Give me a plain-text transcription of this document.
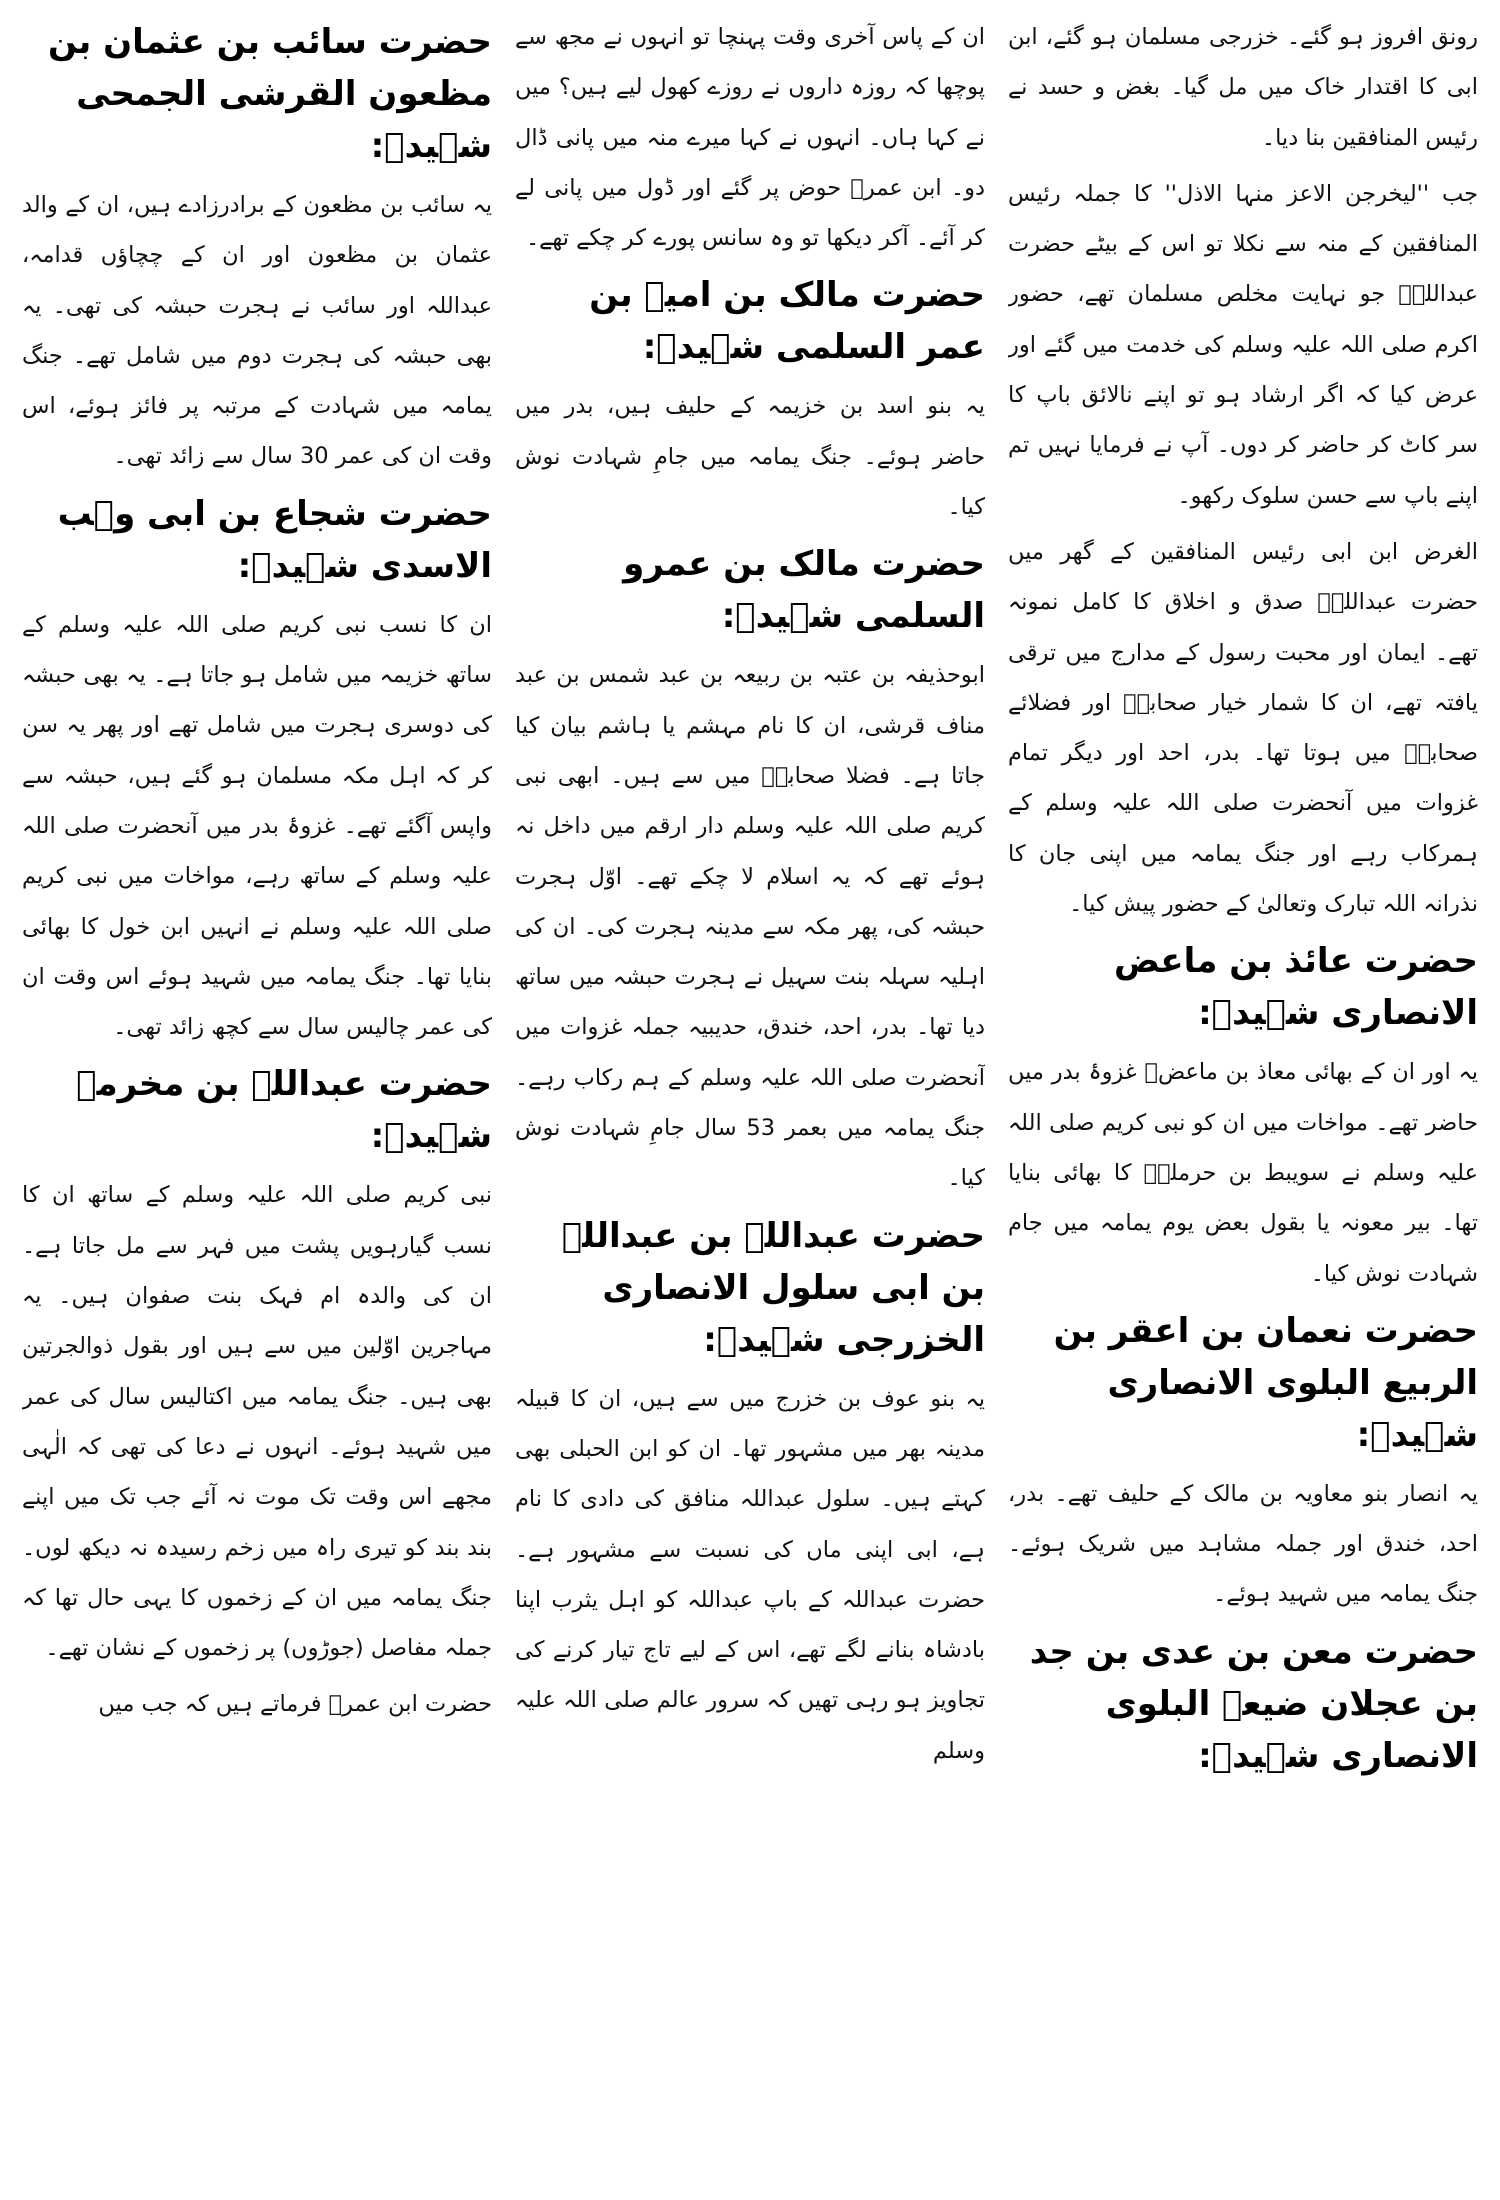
حضرت سائب بن عثمان بن مظعون القرشی الجمحی شہیدؓ:

یہ سائب بن مظعون کے برادرزادے ہیں، ان کے والد عثمان بن مظعون اور ان کے چچاؤں قدامہ، عبداللہ اور سائب نے ہجرت حبشہ کی تھی۔ یہ بھی حبشہ کی ہجرت دوم میں شامل تھے۔ جنگ یمامہ میں شہادت کے مرتبہ پر فائز ہوئے، اس وقت ان کی عمر 30 سال سے زائد تھی۔

حضرت شجاع بن ابی وہب الاسدی شہیدؓ:

ان کا نسب نبی کریم صلی اللہ علیہ وسلم کے ساتھ خزیمہ میں شامل ہو جاتا ہے۔ یہ بھی حبشہ کی دوسری ہجرت میں شامل تھے اور پھر یہ سن کر کہ اہل مکہ مسلمان ہو گئے ہیں، حبشہ سے واپس آگئے تھے۔ غزوۂ بدر میں آنحضرت صلی اللہ علیہ وسلم کے ساتھ رہے، مواخات میں نبی کریم صلی اللہ علیہ وسلم نے انہیں ابن خول کا بھائی بنایا تھا۔ جنگ یمامہ میں شہید ہوئے اس وقت ان کی عمر چالیس سال سے کچھ زائد تھی۔

حضرت عبداللہ بن مخرمہ شہیدؓ:

نبی کریم صلی اللہ علیہ وسلم کے ساتھ ان کا نسب گیارہویں پشت میں فہر سے مل جاتا ہے۔ ان کی والدہ ام فہک بنت صفوان ہیں۔ یہ مہاجرین اوّلین میں سے ہیں اور بقول ذوالجرتین بھی ہیں۔ جنگ یمامہ میں اکتالیس سال کی عمر میں شہید ہوئے۔ انہوں نے دعا کی تھی کہ الٰہی مجھے اس وقت تک موت نہ آئے جب تک میں اپنے بند بند کو تیری راہ میں زخم رسیدہ نہ دیکھ لوں۔ جنگ یمامہ میں ان کے زخموں کا یہی حال تھا کہ جملہ مفاصل (جوڑوں) پر زخموں کے نشان تھے۔

حضرت ابن عمرؓ فرماتے ہیں کہ جب میں

ان کے پاس آخری وقت پہنچا تو انہوں نے مجھ سے پوچھا کہ روزہ داروں نے روزے کھول لیے ہیں؟ میں نے کہا ہاں۔ انہوں نے کہا میرے منہ میں پانی ڈال دو۔ ابن عمرؓ حوض پر گئے اور ڈول میں پانی لے کر آئے۔ آکر دیکھا تو وہ سانس پورے کر چکے تھے۔

حضرت مالک بن امیہ بن عمر السلمی شہیدؓ:

یہ بنو اسد بن خزیمہ کے حلیف ہیں، بدر میں حاضر ہوئے۔ جنگ یمامہ میں جامِ شہادت نوش کیا۔

حضرت مالک بن عمرو السلمی شہیدؓ:

ابوحذیفہ بن عتبہ بن ربیعہ بن عبد شمس بن عبد مناف قرشی، ان کا نام مہشم یا ہاشم بیان کیا جاتا ہے۔ فضلا صحابہؓ میں سے ہیں۔ ابھی نبی کریم صلی اللہ علیہ وسلم دار ارقم میں داخل نہ ہوئے تھے کہ یہ اسلام لا چکے تھے۔ اوّل ہجرت حبشہ کی، پھر مکہ سے مدینہ ہجرت کی۔ ان کی اہلیہ سہلہ بنت سہیل نے ہجرت حبشہ میں ساتھ دیا تھا۔ بدر، احد، خندق، حدیبیہ جملہ غزوات میں آنحضرت صلی اللہ علیہ وسلم کے ہم رکاب رہے۔ جنگ یمامہ میں بعمر 53 سال جامِ شہادت نوش کیا۔

حضرت عبداللہ بن عبداللہ بن ابی سلول الانصاری الخزرجی شہیدؓ:

یہ بنو عوف بن خزرج میں سے ہیں، ان کا قبیلہ مدینہ بھر میں مشہور تھا۔ ان کو ابن الحبلی بھی کہتے ہیں۔ سلول عبداللہ منافق کی دادی کا نام ہے، ابی اپنی ماں کی نسبت سے مشہور ہے۔ حضرت عبداللہ کے باپ عبداللہ کو اہل یثرب اپنا بادشاہ بنانے لگے تھے، اس کے لیے تاج تیار کرنے کی تجاویز ہو رہی تھیں کہ سرور عالم صلی اللہ علیہ وسلم

رونق افروز ہو گئے۔ خزرجی مسلمان ہو گئے، ابن ابی کا اقتدار خاک میں مل گیا۔ بغض و حسد نے رئیس المنافقین بنا دیا۔

جب ''لیخرجن الاعز منہا الاذل'' کا جملہ رئیس المنافقین کے منہ سے نکلا تو اس کے بیٹے حضرت عبداللہؓ جو نہایت مخلص مسلمان تھے، حضور اکرم صلی اللہ علیہ وسلم کی خدمت میں گئے اور عرض کیا کہ اگر ارشاد ہو تو اپنے نالائق باپ کا سر کاٹ کر حاضر کر دوں۔ آپ نے فرمایا نہیں تم اپنے باپ سے حسن سلوک رکھو۔

الغرض ابن ابی رئیس المنافقین کے گھر میں حضرت عبداللہؓ صدق و اخلاق کا کامل نمونہ تھے۔ ایمان اور محبت رسول کے مدارج میں ترقی یافتہ تھے، ان کا شمار خیار صحابہؓ اور فضلائے صحابہؓ میں ہوتا تھا۔ بدر، احد اور دیگر تمام غزوات میں آنحضرت صلی اللہ علیہ وسلم کے ہمرکاب رہے اور جنگ یمامہ میں اپنی جان کا نذرانہ اللہ تبارک وتعالیٰ کے حضور پیش کیا۔

حضرت عائذ بن ماعض الانصاری شہیدؓ:

یہ اور ان کے بھائی معاذ بن ماعضؓ غزوۂ بدر میں حاضر تھے۔ مواخات میں ان کو نبی کریم صلی اللہ علیہ وسلم نے سویبط بن حرملہؓ کا بھائی بنایا تھا۔ بیر معونہ یا بقول بعض یوم یمامہ میں جام شہادت نوش کیا۔

حضرت نعمان بن اعقر بن الربیع البلوی الانصاری شہیدؓ:

یہ انصار بنو معاویہ بن مالک کے حلیف تھے۔ بدر، احد، خندق اور جملہ مشاہد میں شریک ہوئے۔ جنگ یمامہ میں شہید ہوئے۔

حضرت معن بن عدی بن جد بن عجلان ضیعہ البلوی الانصاری شہیدؓ:
